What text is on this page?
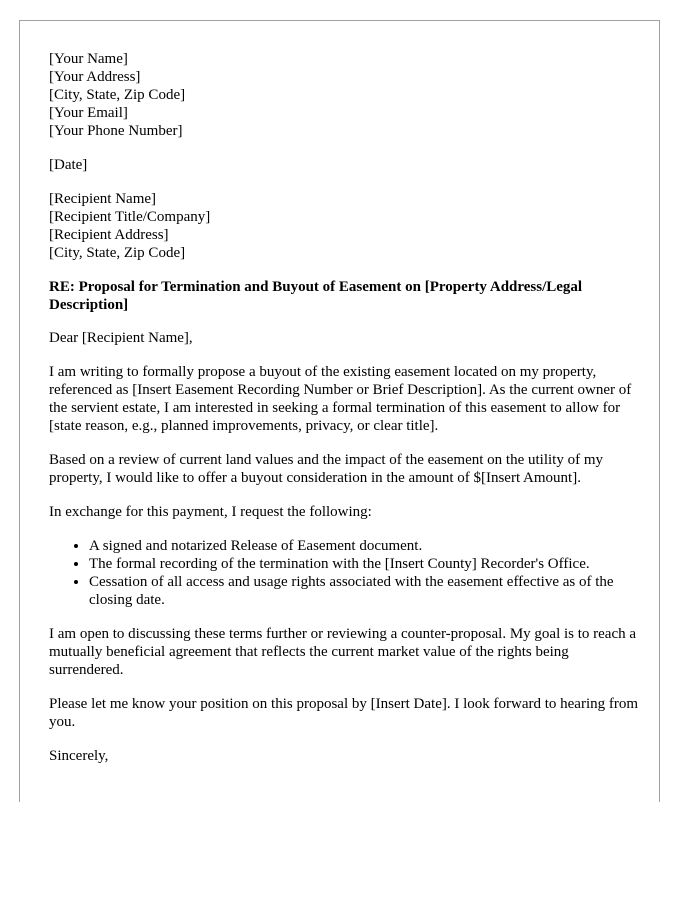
[Your Name]
[Your Address]
[City, State, Zip Code]
[Your Email]
[Your Phone Number]
[Date]
[Recipient Name]
[Recipient Title/Company]
[Recipient Address]
[City, State, Zip Code]
RE: Proposal for Termination and Buyout of Easement on [Property Address/Legal Description]

Dear [Recipient Name],

I am writing to formally propose a buyout of the existing easement located on my property, referenced as [Insert Easement Recording Number or Brief Description]. As the current owner of the servient estate, I am interested in seeking a formal termination of this easement to allow for [state reason, e.g., planned improvements, privacy, or clear title].

Based on a review of current land values and the impact of the easement on the utility of my property, I would like to offer a buyout consideration in the amount of $[Insert Amount].

In exchange for this payment, I request the following:

• A signed and notarized Release of Easement document.
• The formal recording of the termination with the [Insert County] Recorder's Office.
• Cessation of all access and usage rights associated with the easement effective as of the closing date.

I am open to discussing these terms further or reviewing a counter-proposal. My goal is to reach a mutually beneficial agreement that reflects the current market value of the rights being surrendered.

Please let me know your position on this proposal by [Insert Date]. I look forward to hearing from you.

Sincerely,
